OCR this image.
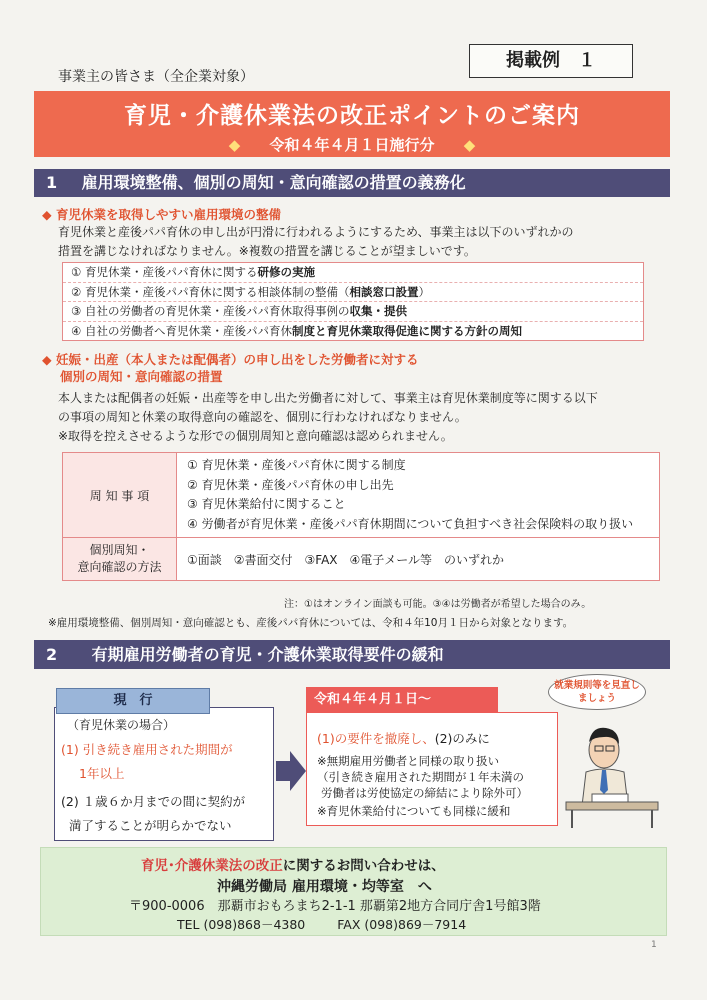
掲載例　１
事業主の皆さま（全企業対象）
育児・介護休業法の改正ポイントのご案内
◆ 令和４年４月１日施行分 ◆
1 雇用環境整備、個別の周知・意向確認の措置の義務化
◆ 育児休業を取得しやすい雇用環境の整備
育児休業と産後パパ育休の申し出が円滑に行われるようにするため、事業主は以下のいずれかの
措置を講じなければなりません。※複数の措置を講じることが望ましいです。
① 育児休業・産後パパ育休に関する研修の実施
② 育児休業・産後パパ育休に関する相談体制の整備（相談窓口設置）
③ 自社の労働者の育児休業・産後パパ育休取得事例の収集・提供
④ 自社の労働者へ育児休業・産後パパ育休制度と育児休業取得促進に関する方針の周知
◆ 妊娠・出産（本人または配偶者）の申し出をした労働者に対する
個別の周知・意向確認の措置
本人または配偶者の妊娠・出産等を申し出た労働者に対して、事業主は育児休業制度等に関する以下
の事項の周知と休業の取得意向の確認を、個別に行わなければなりません。
※取得を控えさせるような形での個別周知と意向確認は認められません。
周 知 事 項	① 育児休業・産後パパ育休に関する制度
② 育児休業・産後パパ育休の申し出先
③ 育児休業給付に関すること
④ 労働者が育児休業・産後パパ育休期間について負担すべき社会保険料の取り扱い

個別周知・
意向確認の方法	①面談　②書面交付　③FAX　④電子メール等　のいずれか
注：①はオンライン面談も可能。③④は労働者が希望した場合のみ。
※雇用環境整備、個別周知・意向確認とも、産後パパ育休については、令和４年10月１日から対象となります。
2 有期雇用労働者の育児・介護休業取得要件の緩和
（育児休業の場合）
(1) 引き続き雇用された期間が
1年以上
(2) １歳６か月までの間に契約が
満了することが明らかでない
現　行
(1)の要件を撤廃し、(2)のみに
※無期雇用労働者と同様の取り扱い
（引き続き雇用された期間が１年未満の
労働者は労使協定の締結により除外可）
※育児休業給付についても同様に緩和
令和４年４月１日～
就業規則等を見直し
ましょう
育児･介護休業法の改正に関するお問い合わせは、
沖縄労働局 雇用環境・均等室　へ
〒900-0006　那覇市おもろまち2-1-1 那覇第2地方合同庁舎1号館3階
TEL (098)868－4380	FAX (098)869－7914
1
